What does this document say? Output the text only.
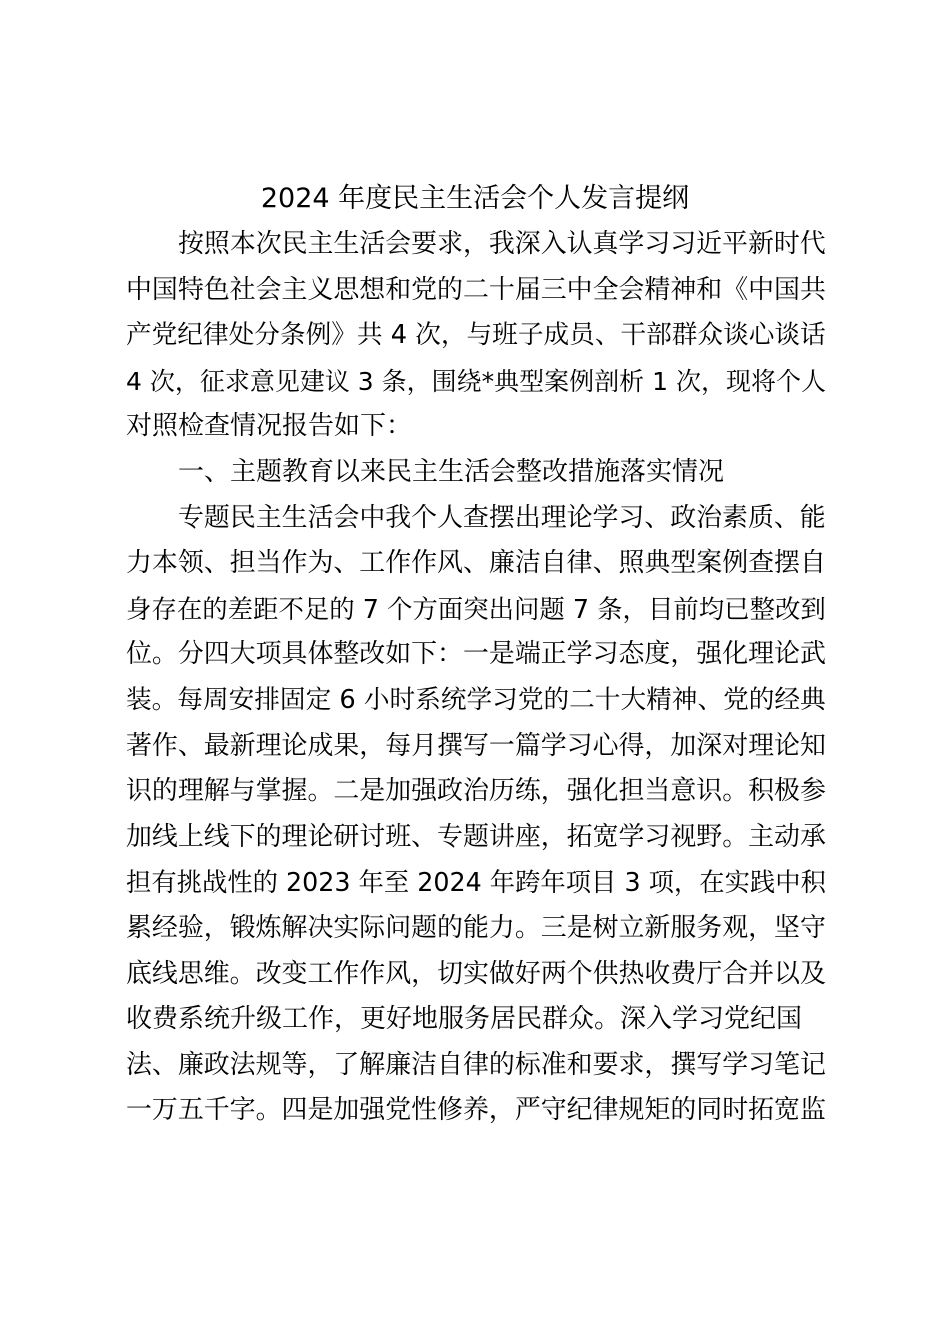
2024 年度民主生活会个人发言提纲
按照本次民主生活会要求，我深入认真学习习近平新时代
中国特色社会主义思想和党的二十届三中全会精神和《中国共
产党纪律处分条例》共 4 次，与班子成员、干部群众谈心谈话
4 次，征求意见建议 3 条，围绕*典型案例剖析 1 次，现将个人
对照检查情况报告如下：
一、主题教育以来民主生活会整改措施落实情况
专题民主生活会中我个人查摆出理论学习、政治素质、能
力本领、担当作为、工作作风、廉洁自律、照典型案例查摆自
身存在的差距不足的 7 个方面突出问题 7 条，目前均已整改到
位。分四大项具体整改如下：一是端正学习态度，强化理论武
装。每周安排固定 6 小时系统学习党的二十大精神、党的经典
著作、最新理论成果，每月撰写一篇学习心得，加深对理论知
识的理解与掌握。二是加强政治历练，强化担当意识。积极参
加线上线下的理论研讨班、专题讲座，拓宽学习视野。主动承
担有挑战性的 2023 年至 2024 年跨年项目 3 项，在实践中积
累经验，锻炼解决实际问题的能力。三是树立新服务观，坚守
底线思维。改变工作作风，切实做好两个供热收费厅合并以及
收费系统升级工作，更好地服务居民群众。深入学习党纪国
法、廉政法规等，了解廉洁自律的标准和要求，撰写学习笔记
一万五千字。四是加强党性修养，严守纪律规矩的同时拓宽监
